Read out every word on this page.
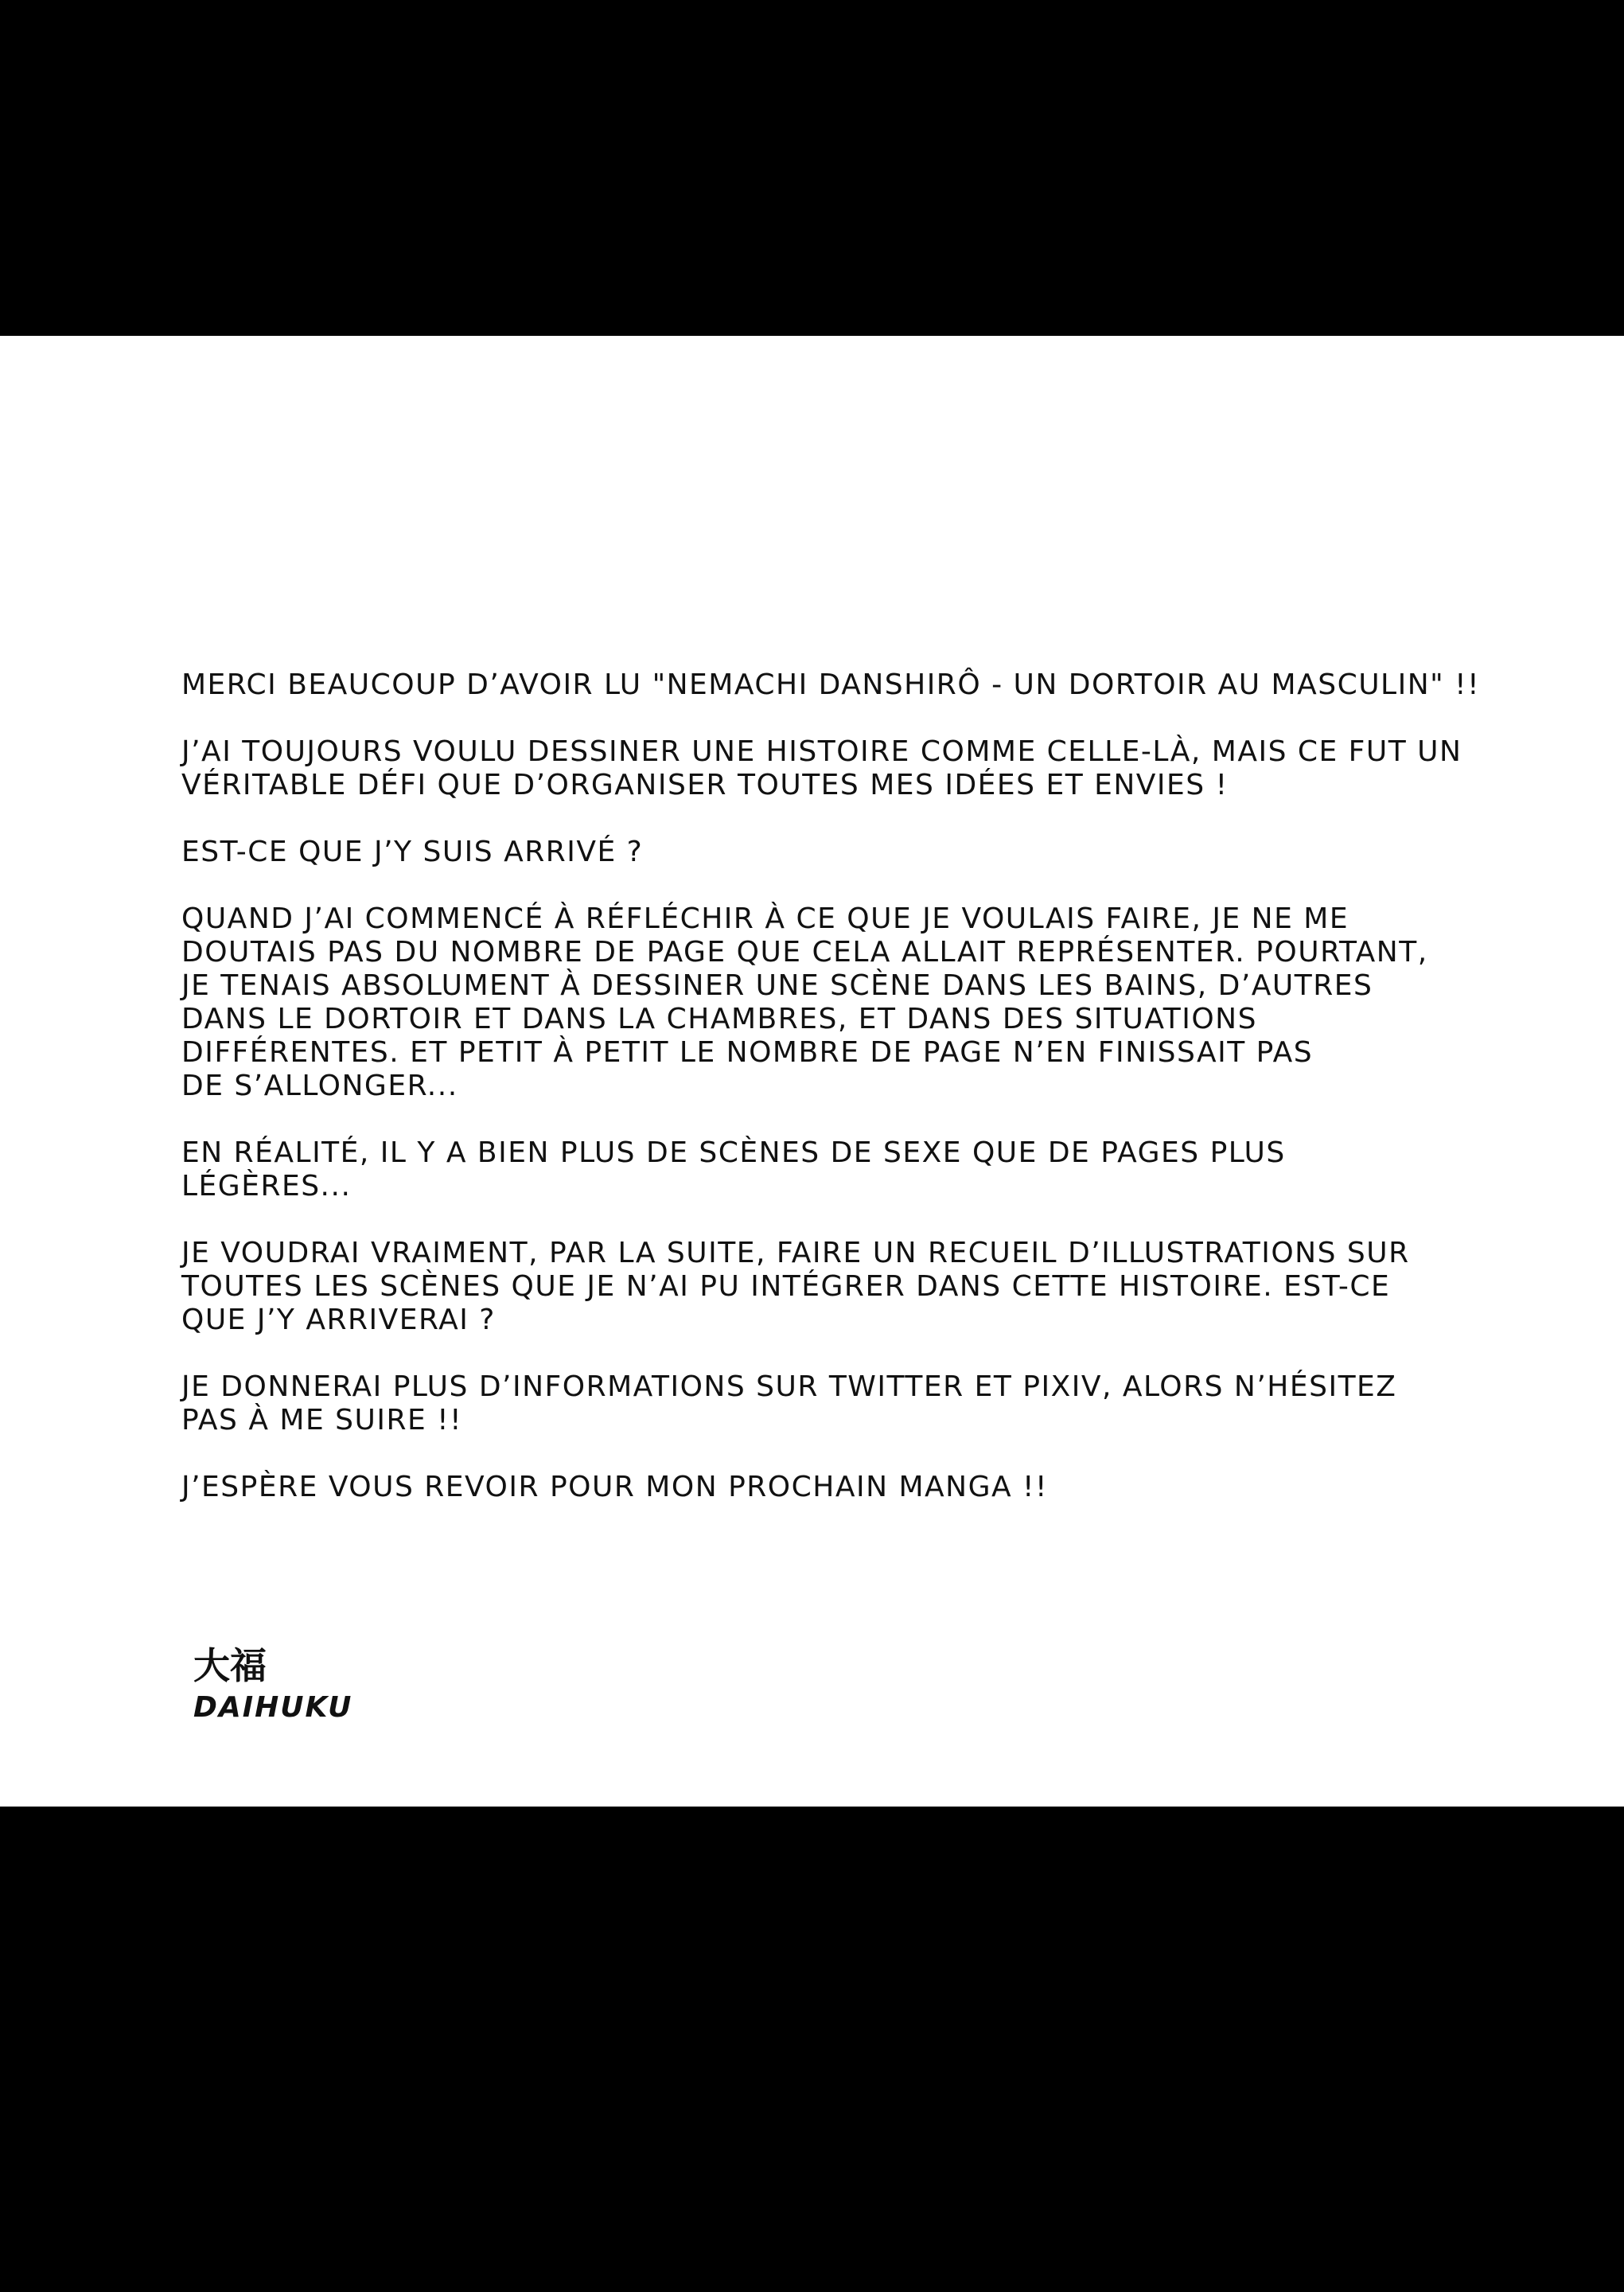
MERCI BEAUCOUP D’AVOIR LU "NEMACHI DANSHIRÔ - UN DORTOIR AU MASCULIN" !!
J’AI TOUJOURS VOULU DESSINER UNE HISTOIRE COMME CELLE-LÀ, MAIS CE FUT UN
VÉRITABLE DÉFI QUE D’ORGANISER TOUTES MES IDÉES ET ENVIES !
EST-CE QUE J’Y SUIS ARRIVÉ ?
QUAND J’AI COMMENCÉ À RÉFLÉCHIR À CE QUE JE VOULAIS FAIRE, JE NE ME
DOUTAIS PAS DU NOMBRE DE PAGE QUE CELA ALLAIT REPRÉSENTER. POURTANT,
JE TENAIS ABSOLUMENT À DESSINER UNE SCÈNE DANS LES BAINS, D’AUTRES
DANS LE DORTOIR ET DANS LA CHAMBRES, ET DANS DES SITUATIONS
DIFFÉRENTES. ET PETIT À PETIT LE NOMBRE DE PAGE N’EN FINISSAIT PAS
DE S’ALLONGER...
EN RÉALITÉ, IL Y A BIEN PLUS DE SCÈNES DE SEXE QUE DE PAGES PLUS
LÉGÈRES...
JE VOUDRAI VRAIMENT, PAR LA SUITE, FAIRE UN RECUEIL D’ILLUSTRATIONS SUR
TOUTES LES SCÈNES QUE JE N’AI PU INTÉGRER DANS CETTE HISTOIRE. EST-CE
QUE J’Y ARRIVERAI ?
JE DONNERAI PLUS D’INFORMATIONS SUR TWITTER ET PIXIV, ALORS N’HÉSITEZ
PAS À ME SUIRE !!
J’ESPÈRE VOUS REVOIR POUR MON PROCHAIN MANGA !!
大福
DAIHUKU
